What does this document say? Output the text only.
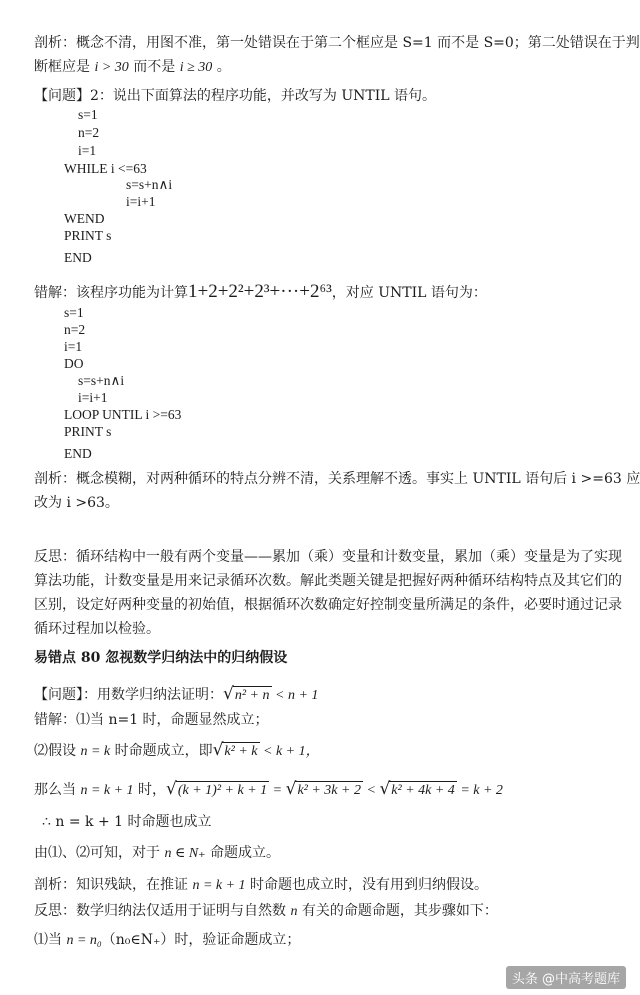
剖析：概念不清，用图不准，第一处错误在于第二个框应是 S=1 而不是 S=0；第二处错误在于判
断框应是 i > 30 而不是 i ≥ 30 。
【问题】2：说出下面算法的程序功能，并改写为 UNTIL 语句。
s=1
n=2
i=1
WHILE i <=63
s=s+n∧i
i=i+1
WEND
PRINT s
END
错解：该程序功能为计算1+2+2²+2³+···+2⁶³，对应 UNTIL 语句为：
s=1
n=2
i=1
DO
s=s+n∧i
i=i+1
LOOP UNTIL i >=63
PRINT s
END
剖析：概念模糊，对两种循环的特点分辨不清，关系理解不透。事实上 UNTIL 语句后 i >=63 应
改为 i >63。
反思：循环结构中一般有两个变量——累加（乘）变量和计数变量，累加（乘）变量是为了实现
算法功能，计数变量是用来记录循环次数。解此类题关键是把握好两种循环结构特点及其它们的
区别，设定好两种变量的初始值，根据循环次数确定好控制变量所满足的条件，必要时通过记录
循环过程加以检验。
易错点 80 忽视数学归纳法中的归纳假设
【问题】：用数学归纳法证明：√n² + n < n + 1
错解：⑴当 n=1 时，命题显然成立；
⑵假设 n = k 时命题成立，即√k² + k < k + 1，
那么当 n = k + 1 时，√(k + 1)² + k + 1 = √k² + 3k + 2 < √k² + 4k + 4 = k + 2
∴ n = k + 1 时命题也成立
由⑴、⑵可知，对于 n ∈ N₊ 命题成立。
剖析：知识残缺，在推证 n = k + 1 时命题也成立时，没有用到归纳假设。
反思：数学归纳法仅适用于证明与自然数 n 有关的命题命题，其步骤如下：
⑴当 n = n₀（n₀∈N₊）时，验证命题成立；
头条 @中高考题库
